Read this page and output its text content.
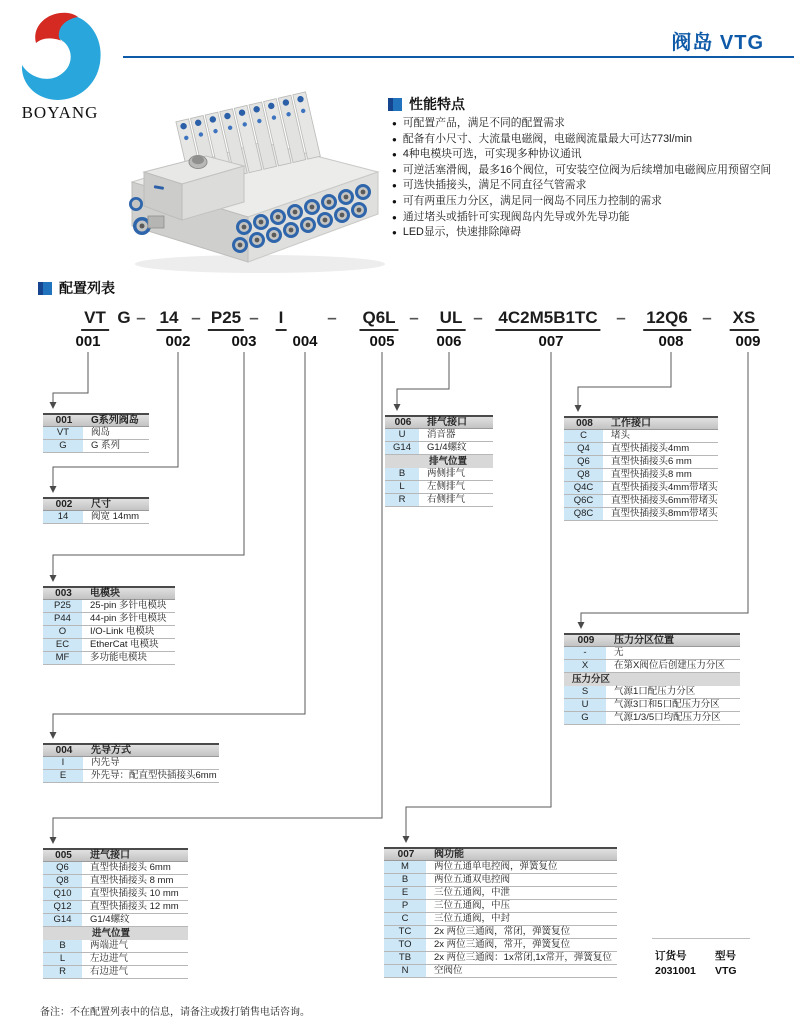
BOYANG
阀岛 VTG
性能特点
● 可配置产品，满足不同的配置需求
● 配备有小尺寸、大流量电磁阀，电磁阀流量最大可达773l/min
● 4种电模块可选，可实现多种协议通讯
● 可逆活塞滑阀，最多16个阀位，可安装空位阀为后续增加电磁阀应用预留空间
● 可选快插接头，满足不同直径气管需求
● 可有两重压力分区，满足同一阀岛不同压力控制的需求
● 通过堵头或插针可实现阀岛内先导或外先导功能
● LED显示，快速排除障碍
配置列表
VT G – 14 – P25 – I	– Q6L – UL – 4C2M5B1TC – 12Q6 – XS
001	002	003 004	005	006	007	008	009
001	G系列阀岛
VT	阀岛
G	G 系列
002	尺寸
14	阀宽 14mm
003	电模块
P25	25-pin 多针电模块
P44	44-pin 多针电模块
O	I/O-Link 电模块
EC	EtherCat 电模块
MF	多功能电模块
004	先导方式
I	内先导
E	外先导：配直型快插接头6mm
005	进气接口
Q6	直型快插接头 6mm
Q8	直型快插接头 8 mm
Q10	直型快插接头 10 mm
Q12	直型快插接头 12 mm
G14	G1/4螺纹
进气位置
B	两端进气
L	左边进气
R	右边进气
006	排气接口
U	消音器
G14	G1/4螺纹
排气位置
B	两侧排气
L	左侧排气
R	右侧排气
007	阀功能
M	两位五通单电控阀，弹簧复位
B	两位五通双电控阀
E	三位五通阀，中泄
P	三位五通阀，中压
C	三位五通阀，中封
TC	2x 两位三通阀，常闭，弹簧复位
TO	2x 两位三通阀，常开，弹簧复位
TB	2x 两位三通阀：1x常闭,1x常开，弹簧复位
N	空阀位
008	工作接口
C	堵头
Q4	直型快插接头4mm
Q6	直型快插接头6 mm
Q8	直型快插接头8 mm
Q4C	直型快插接头4mm带堵头
Q6C	直型快插接头6mm带堵头
Q8C	直型快插接头8mm带堵头
009	压力分区位置
-	无
X	在第X阀位后创建压力分区
压力分区
S	气源1口配压力分区
U	气源3口和5口配压力分区
G	气源1/3/5口均配压力分区
订货号	型号
2031001 VTG
备注：不在配置列表中的信息，请备注或拨打销售电话咨询。
